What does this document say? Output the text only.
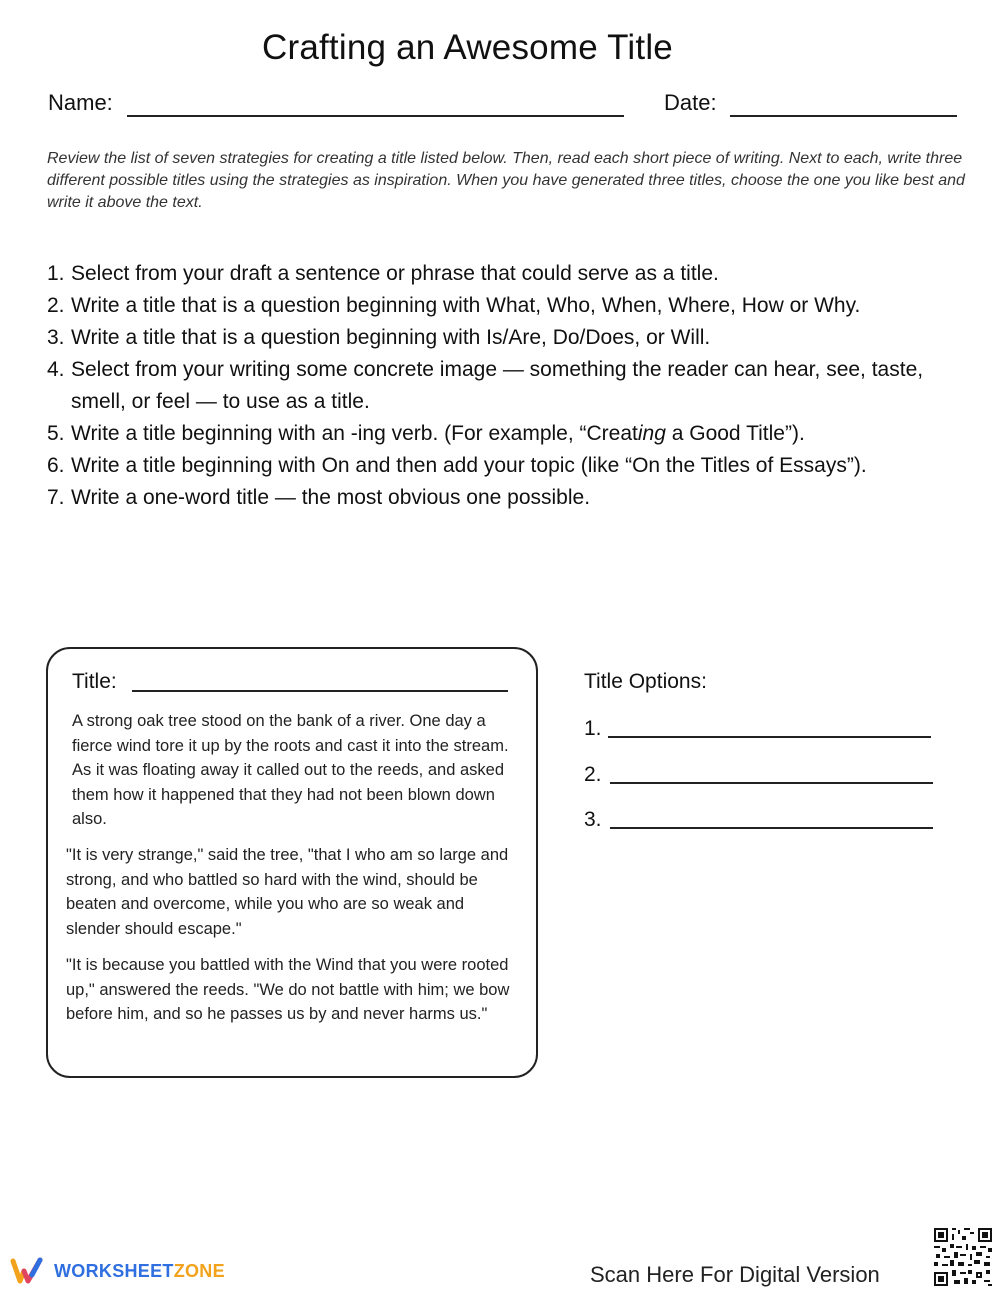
Crafting an Awesome Title
Name:	Date:
Review the list of seven strategies for creating a title listed below. Then, read each short piece of writing. Next to each, write three different possible titles using the strategies as inspiration. When you have generated three titles, choose the one you like best and write it above the text.
1. Select from your draft a sentence or phrase that could serve as a title.
2. Write a title that is a question beginning with What, Who, When, Where, How or Why.
3. Write a title that is a question beginning with Is/Are, Do/Does, or Will.
4. Select from your writing some concrete image — something the reader can hear, see, taste, smell, or feel — to use as a title.
5. Write a title beginning with an -ing verb. (For example, “Creating a Good Title”).
6. Write a title beginning with On and then add your topic (like “On the Titles of Essays”).
7. Write a one-word title — the most obvious one possible.
Title:
A strong oak tree stood on the bank of a river. One day a fierce wind tore it up by the roots and cast it into the stream. As it was floating away it called out to the reeds, and asked them how it happened that they had not been blown down also.
"It is very strange," said the tree, "that I who am so large and strong, and who battled so hard with the wind, should be beaten and overcome, while you who are so weak and slender should escape."
"It is because you battled with the Wind that you were rooted up," answered the reeds. "We do not battle with him; we bow before him, and so he passes us by and never harms us."
Title Options:
1.
2.
3.
WORKSHEETZONE	Scan Here For Digital Version
